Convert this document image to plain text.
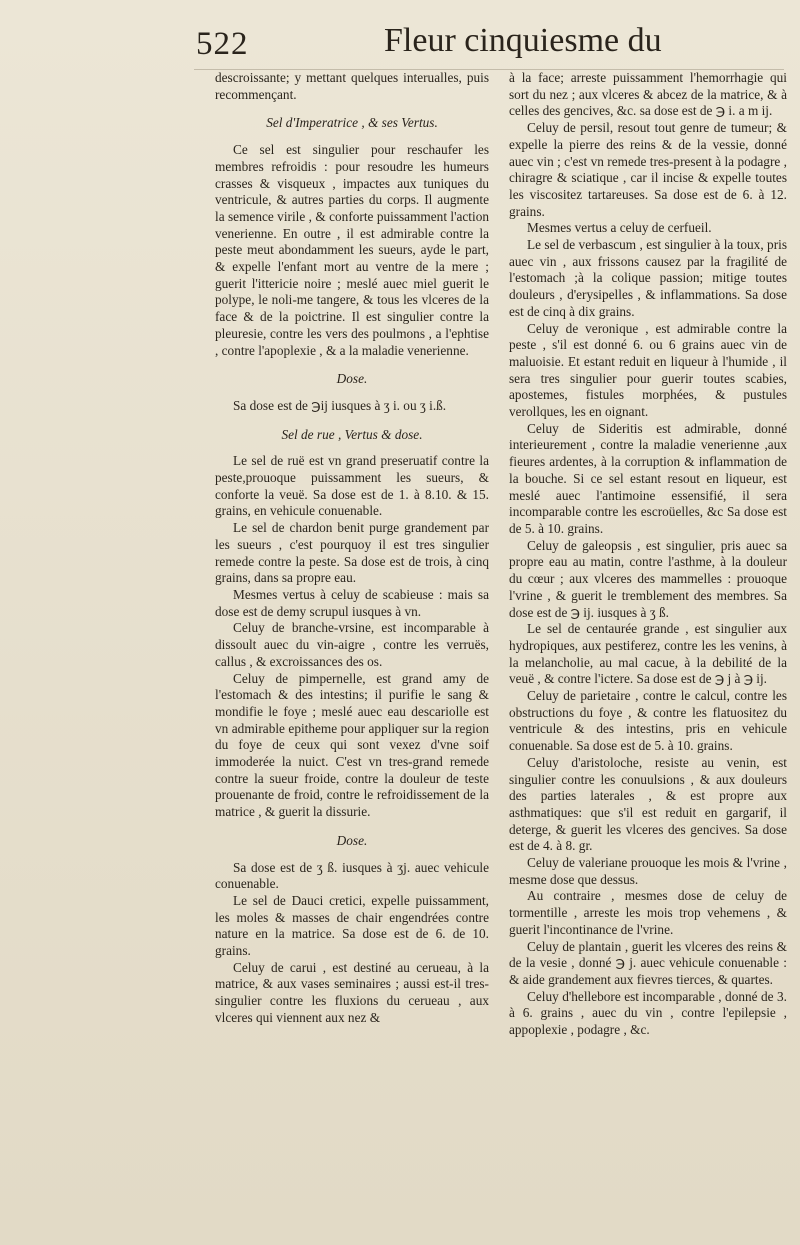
522	Fleur cinquiesme du

descroissante; y mettant quelques interualles, puis recommençant.

Sel d'Imperatrice , & ses Vertus.

Ce sel est singulier pour reschaufer les membres refroidis : pour resoudre les humeurs crasses & visqueux , impactes aux tuniques du ventricule, & autres parties du corps. Il augmente la semence virile , & conforte puissamment l'action venerienne. En outre , il est admirable contre la peste meut abondamment les sueurs, ayde le part, & expelle l'enfant mort au ventre de la mere ; guerit l'ittericie noire ; meslé auec miel guerit le polype, le noli-me tangere, & tous les vlceres de la face & de la poictrine. Il est singulier contre la pleuresie, contre les vers des poulmons , a l'ephtise , contre l'apoplexie , & a la maladie venerienne.

Dose.

Sa dose est de ℈ij iusques à ʒ i. ou ʒ i.ß.

Sel de rue , Vertus & dose.

Le sel de ruë est vn grand preseruatif contre la peste,prouoque puissamment les sueurs, & conforte la veuë. Sa dose est de 1. à 8.10. & 15. grains, en vehicule conuenable.

Le sel de chardon benit purge grandement par les sueurs , c'est pourquoy il est tres singulier remede contre la peste. Sa dose est de trois, à cinq grains, dans sa propre eau.

Mesmes vertus à celuy de scabieuse : mais sa dose est de demy scrupul iusques à vn.

Celuy de branche-vrsine, est incomparable à dissoult auec du vin-aigre , contre les verruës, callus , & excroissances des os.

Celuy de pimpernelle, est grand amy de l'estomach & des intestins; il purifie le sang & mondifie le foye ; meslé auec eau descariolle est vn admirable epitheme pour appliquer sur la region du foye de ceux qui sont vexez d'vne soif immoderée la nuict. C'est vn tres-grand remede contre la sueur froide, contre la douleur de teste prouenante de froid, contre le refroidissement de la matrice , & guerit la dissurie.

Dose.

Sa dose est de ʒ ß. iusques à ʒj. auec vehicule conuenable.

Le sel de Dauci cretici, expelle puissamment, les moles & masses de chair engendrées contre nature en la matrice. Sa dose est de 6. de 10. grains.

Celuy de carui , est destiné au cerueau, à la matrice, & aux vases seminaires ; aussi est-il tres-singulier contre les fluxions du cerueau , aux vlceres qui viennent aux nez &

à la face; arreste puissamment l'hemorrhagie qui sort du nez ; aux vlceres & abcez de la matrice, & à celles des gencives, &c. sa dose est de ℈ i. a m ij.

Celuy de persil, resout tout genre de tumeur; & expelle la pierre des reins & de la vessie, donné auec vin ; c'est vn remede tres-present à la podagre , chiragre & sciatique , car il incise & expelle toutes les viscositez tartareuses. Sa dose est de 6. à 12. grains.

Mesmes vertus a celuy de cerfueil.

Le sel de verbascum , est singulier à la toux, pris auec vin , aux frissons causez par la fragilité de l'estomach ;à la colique passion; mitige toutes douleurs , d'erysipelles , & inflammations. Sa dose est de cinq à dix grains.

Celuy de veronique , est admirable contre la peste , s'il est donné 6. ou 6 grains auec vin de maluoisie. Et estant reduit en liqueur à l'humide , il sera tres singulier pour guerir toutes scabies, apostemes, fistules morphées, & pustules verollques, les en oignant.

Celuy de Sideritis est admirable, donné interieurement , contre la maladie venerienne ,aux fieures ardentes, à la corruption & inflammation de la bouche. Si ce sel estant resout en liqueur, est meslé auec l'antimoine essensifié, il sera incomparable contre les escroüelles, &c Sa dose est de 5. à 10. grains.

Celuy de galeopsis , est singulier, pris auec sa propre eau au matin, contre l'asthme, à la douleur du cœur ; aux vlceres des mammelles : prouoque l'vrine , & guerit le tremblement des membres. Sa dose est de ℈ ij. iusques à ʒ ß.

Le sel de centaurée grande , est singulier aux hydropiques, aux pestiferez, contre les les venins, à la melancholie, au mal cacue, à la debilité de la veuë , & contre l'ictere. Sa dose est de ℈ j à ℈ ij.

Celuy de parietaire , contre le calcul, contre les obstructions du foye , & contre les flatuositez du ventricule & des intestins, pris en vehicule conuenable. Sa dose est de 5. à 10. grains.

Celuy d'aristoloche, resiste au venin, est singulier contre les conuulsions , & aux douleurs des parties laterales , & est propre aux asthmatiques: que s'il est reduit en gargarif, il deterge, & guerit les vlceres des gencives. Sa dose est de 4. à 8. gr.

Celuy de valeriane prouoque les mois & l'vrine , mesme dose que dessus.

Au contraire , mesmes dose de celuy de tormentille , arreste les mois trop vehemens , & guerit l'incontinance de l'vrine.

Celuy de plantain , guerit les vlceres des reins & de la vesie , donné ℈ j. auec vehicule conuenable : & aide grandement aux fievres tierces, & quartes.

Celuy d'hellebore est incomparable , donné de 3. à 6. grains , auec du vin , contre l'epilepsie , appoplexie , podagre , &c.
